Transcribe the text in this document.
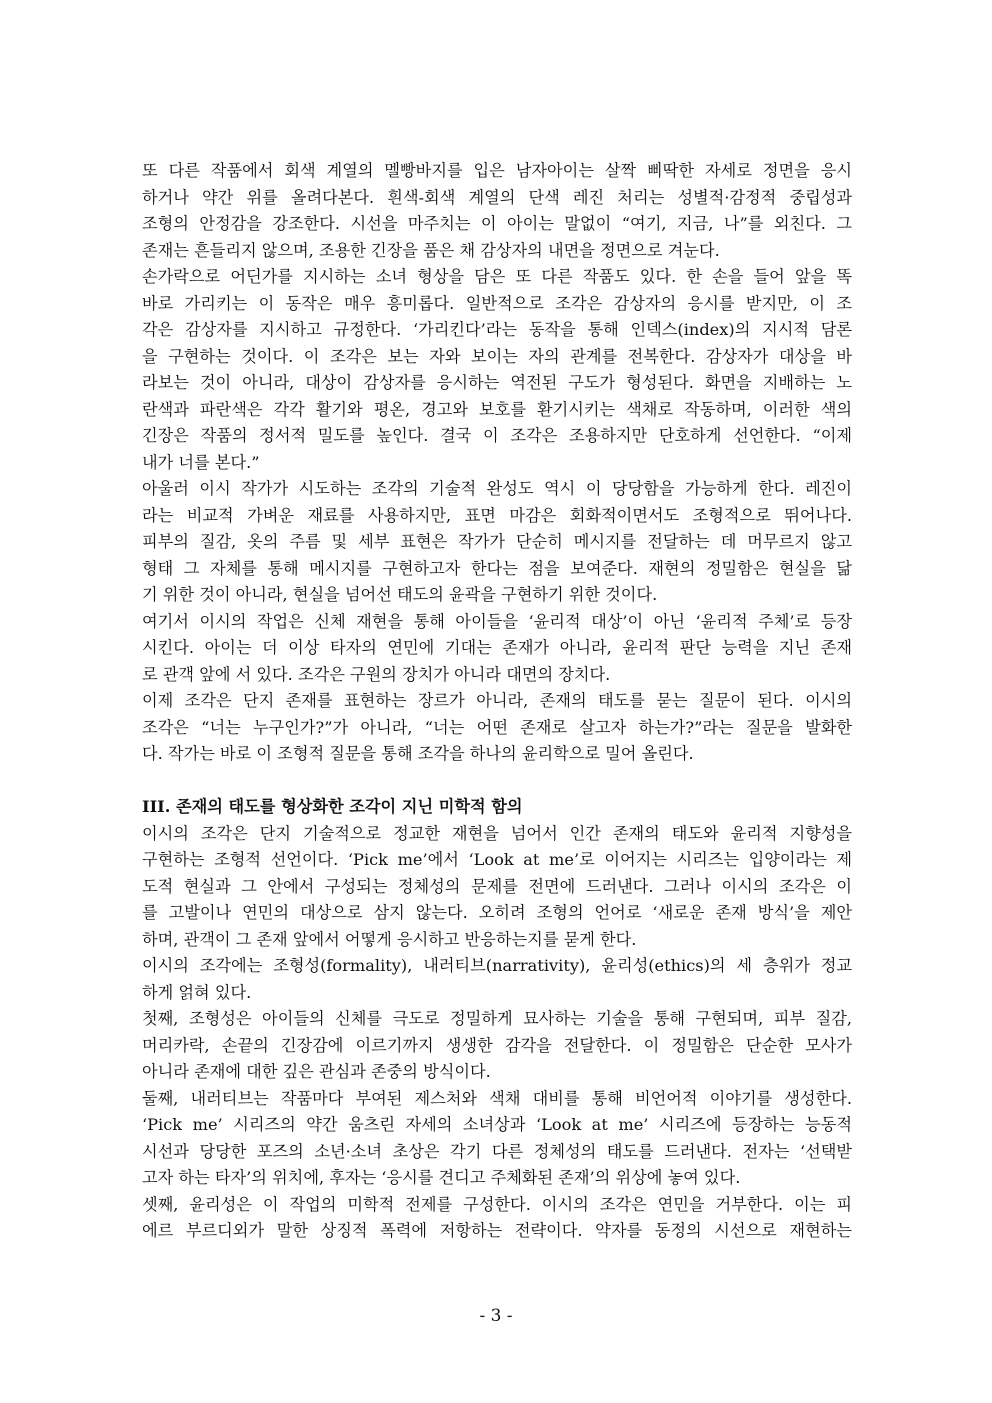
또 다른 작품에서 회색 계열의 멜빵바지를 입은 남자아이는 살짝 삐딱한 자세로 정면을 응시
하거나 약간 위를 올려다본다. 흰색-회색 계열의 단색 레진 처리는 성별적·감정적 중립성과
조형의 안정감을 강조한다. 시선을 마주치는 이 아이는 말없이 “여기, 지금, 나”를 외친다. 그
존재는 흔들리지 않으며, 조용한 긴장을 품은 채 감상자의 내면을 정면으로 겨눈다.
손가락으로 어딘가를 지시하는 소녀 형상을 담은 또 다른 작품도 있다. 한 손을 들어 앞을 똑
바로 가리키는 이 동작은 매우 흥미롭다. 일반적으로 조각은 감상자의 응시를 받지만, 이 조
각은 감상자를 지시하고 규정한다. ‘가리킨다’라는 동작을 통해 인덱스(index)의 지시적 담론
을 구현하는 것이다. 이 조각은 보는 자와 보이는 자의 관계를 전복한다. 감상자가 대상을 바
라보는 것이 아니라, 대상이 감상자를 응시하는 역전된 구도가 형성된다. 화면을 지배하는 노
란색과 파란색은 각각 활기와 평온, 경고와 보호를 환기시키는 색채로 작동하며, 이러한 색의
긴장은 작품의 정서적 밀도를 높인다. 결국 이 조각은 조용하지만 단호하게 선언한다. “이제
내가 너를 본다.”
아울러 이시 작가가 시도하는 조각의 기술적 완성도 역시 이 당당함을 가능하게 한다. 레진이
라는 비교적 가벼운 재료를 사용하지만, 표면 마감은 회화적이면서도 조형적으로 뛰어나다.
피부의 질감, 옷의 주름 및 세부 표현은 작가가 단순히 메시지를 전달하는 데 머무르지 않고
형태 그 자체를 통해 메시지를 구현하고자 한다는 점을 보여준다. 재현의 정밀함은 현실을 닮
기 위한 것이 아니라, 현실을 넘어선 태도의 윤곽을 구현하기 위한 것이다.
여기서 이시의 작업은 신체 재현을 통해 아이들을 ‘윤리적 대상’이 아닌 ‘윤리적 주체’로 등장
시킨다. 아이는 더 이상 타자의 연민에 기대는 존재가 아니라, 윤리적 판단 능력을 지닌 존재
로 관객 앞에 서 있다. 조각은 구원의 장치가 아니라 대면의 장치다.
이제 조각은 단지 존재를 표현하는 장르가 아니라, 존재의 태도를 묻는 질문이 된다. 이시의
조각은 “너는 누구인가?”가 아니라, “너는 어떤 존재로 살고자 하는가?”라는 질문을 발화한
다. 작가는 바로 이 조형적 질문을 통해 조각을 하나의 윤리학으로 밀어 올린다.
III. 존재의 태도를 형상화한 조각이 지닌 미학적 함의
이시의 조각은 단지 기술적으로 정교한 재현을 넘어서 인간 존재의 태도와 윤리적 지향성을
구현하는 조형적 선언이다. ‘Pick me’에서 ‘Look at me’로 이어지는 시리즈는 입양이라는 제
도적 현실과 그 안에서 구성되는 정체성의 문제를 전면에 드러낸다. 그러나 이시의 조각은 이
를 고발이나 연민의 대상으로 삼지 않는다. 오히려 조형의 언어로 ‘새로운 존재 방식’을 제안
하며, 관객이 그 존재 앞에서 어떻게 응시하고 반응하는지를 묻게 한다.
이시의 조각에는 조형성(formality), 내러티브(narrativity), 윤리성(ethics)의 세 층위가 정교
하게 얽혀 있다.
첫째, 조형성은 아이들의 신체를 극도로 정밀하게 묘사하는 기술을 통해 구현되며, 피부 질감,
머리카락, 손끝의 긴장감에 이르기까지 생생한 감각을 전달한다. 이 정밀함은 단순한 모사가
아니라 존재에 대한 깊은 관심과 존중의 방식이다.
둘째, 내러티브는 작품마다 부여된 제스처와 색채 대비를 통해 비언어적 이야기를 생성한다.
‘Pick me’ 시리즈의 약간 움츠린 자세의 소녀상과 ‘Look at me’ 시리즈에 등장하는 능동적
시선과 당당한 포즈의 소년·소녀 초상은 각기 다른 정체성의 태도를 드러낸다. 전자는 ‘선택받
고자 하는 타자’의 위치에, 후자는 ‘응시를 견디고 주체화된 존재’의 위상에 놓여 있다.
셋째, 윤리성은 이 작업의 미학적 전제를 구성한다. 이시의 조각은 연민을 거부한다. 이는 피
에르 부르디외가 말한 상징적 폭력에 저항하는 전략이다. 약자를 동정의 시선으로 재현하는
- 3 -
